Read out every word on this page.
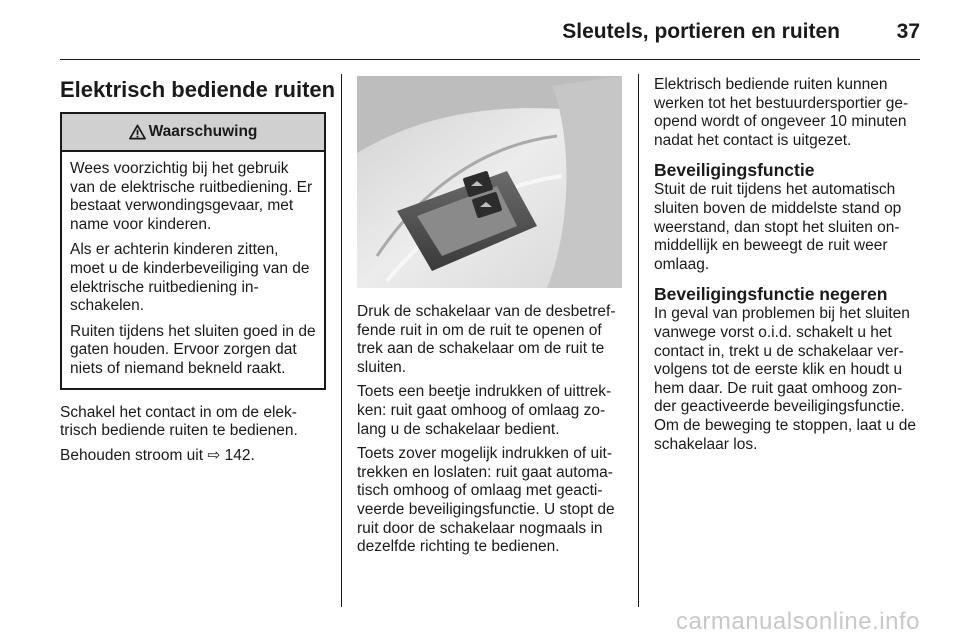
Sleutels, portieren en ruiten	37
Elektrisch bediende ruiten
Waarschuwing

Wees voorzichtig bij het gebruik van de elektrische ruitbediening. Er bestaat verwondingsgevaar, met name voor kinderen.

Als er achterin kinderen zitten, moet u de kinderbeveiliging van de elektrische ruitbediening in-schakelen.

Ruiten tijdens het sluiten goed in de gaten houden. Ervoor zorgen dat niets of niemand bekneld raakt.

Schakel het contact in om de elek-trisch bediende ruiten te bedienen.

Behouden stroom uit ⇨ 142.

Druk de schakelaar van de desbetref-fende ruit in om de ruit te openen of trek aan de schakelaar om de ruit te sluiten.

Toets een beetje indrukken of uittrek-ken: ruit gaat omhoog of omlaag zo-lang u de schakelaar bedient.

Toets zover mogelijk indrukken of uit-trekken en loslaten: ruit gaat automa-tisch omhoog of omlaag met geacti-veerde beveiligingsfunctie. U stopt de ruit door de schakelaar nogmaals in dezelfde richting te bedienen.

Elektrisch bediende ruiten kunnen werken tot het bestuurdersportier ge-opend wordt of ongeveer 10 minuten nadat het contact is uitgezet.

Beveiligingsfunctie

Stuit de ruit tijdens het automatisch sluiten boven de middelste stand op weerstand, dan stopt het sluiten on-middellijk en beweegt de ruit weer omlaag.

Beveiligingsfunctie negeren

In geval van problemen bij het sluiten vanwege vorst o.i.d. schakelt u het contact in, trekt u de schakelaar ver-volgens tot de eerste klik en houdt u hem daar. De ruit gaat omhoog zon-der geactiveerde beveiligingsfunctie. Om de beweging te stoppen, laat u de schakelaar los.

carmanualsonline.info
